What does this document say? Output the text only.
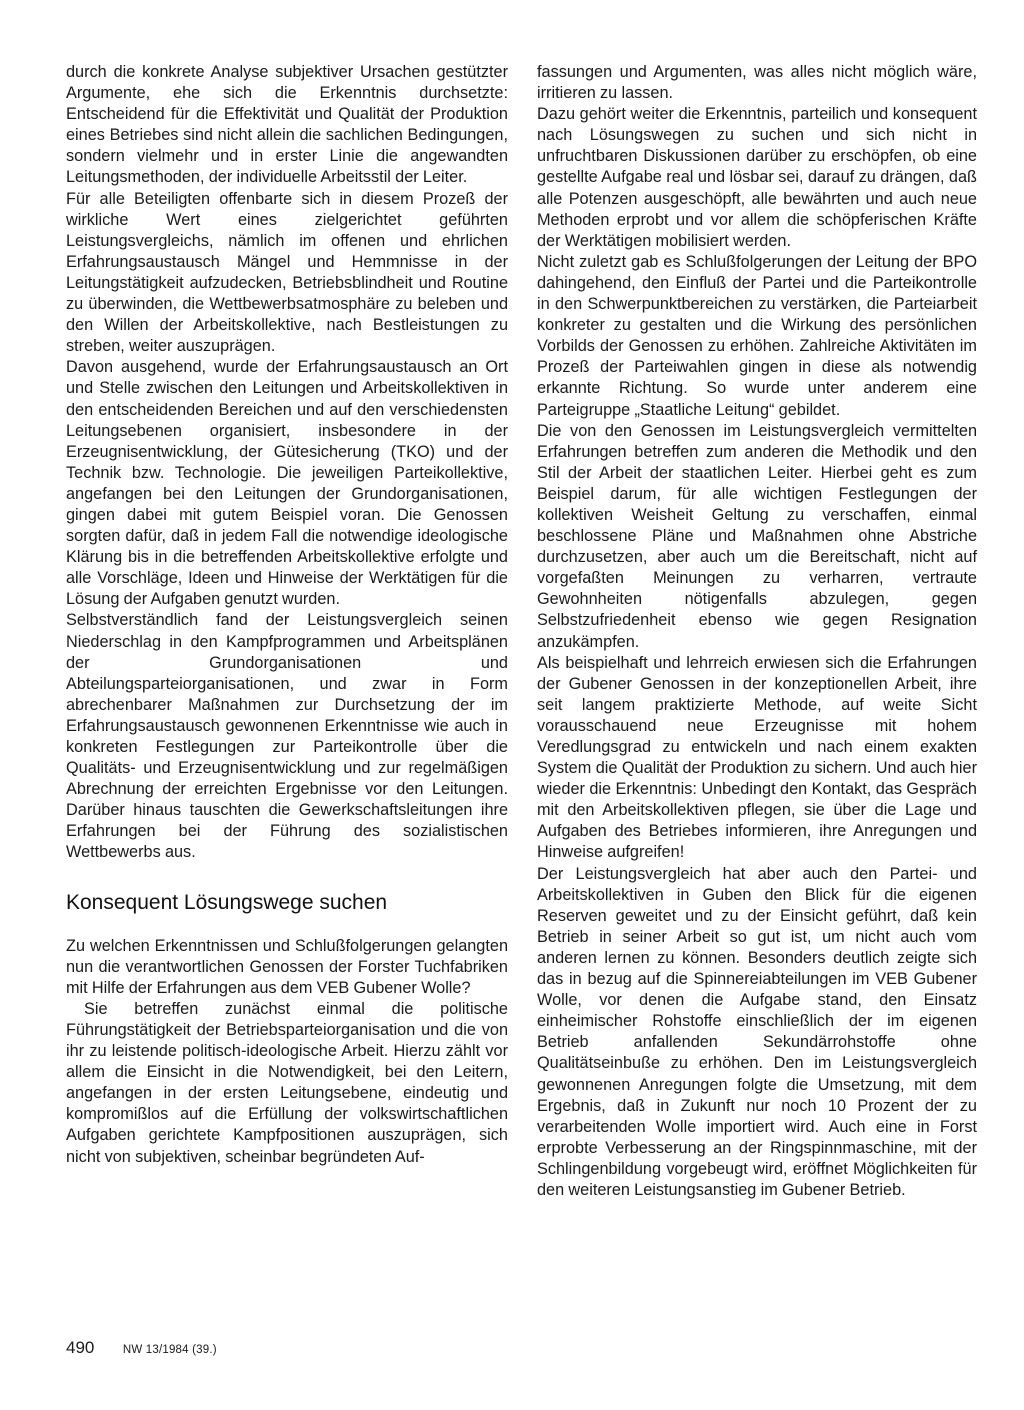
durch die konkrete Analyse subjektiver Ursachen gestützter Argumente, ehe sich die Erkenntnis durchsetzte: Entscheidend für die Effektivität und Qualität der Produktion eines Betriebes sind nicht allein die sachlichen Bedingungen, sondern vielmehr und in erster Linie die angewandten Leitungsmethoden, der individuelle Arbeitsstil der Leiter.

Für alle Beteiligten offenbarte sich in diesem Prozeß der wirkliche Wert eines zielgerichtet geführten Leistungsvergleichs, nämlich im offenen und ehrlichen Erfahrungsaustausch Mängel und Hemmnisse in der Leitungstätigkeit aufzudecken, Betriebsblindheit und Routine zu überwinden, die Wettbewerbsatmosphäre zu beleben und den Willen der Arbeitskollektive, nach Bestleistungen zu streben, weiter auszuprägen.

Davon ausgehend, wurde der Erfahrungsaustausch an Ort und Stelle zwischen den Leitungen und Arbeitskollektiven in den entscheidenden Bereichen und auf den verschiedensten Leitungsebenen organisiert, insbesondere in der Erzeugnisentwicklung, der Gütesicherung (TKO) und der Technik bzw. Technologie. Die jeweiligen Parteikollektive, angefangen bei den Leitungen der Grundorganisationen, gingen dabei mit gutem Beispiel voran. Die Genossen sorgten dafür, daß in jedem Fall die notwendige ideologische Klärung bis in die betreffenden Arbeitskollektive erfolgte und alle Vorschläge, Ideen und Hinweise der Werktätigen für die Lösung der Aufgaben genutzt wurden.

Selbstverständlich fand der Leistungsvergleich seinen Niederschlag in den Kampfprogrammen und Arbeitsplänen der Grundorganisationen und Abteilungsparteiorganisationen, und zwar in Form abrechenbarer Maßnahmen zur Durchsetzung der im Erfahrungsaustausch gewonnenen Erkenntnisse wie auch in konkreten Festlegungen zur Parteikontrolle über die Qualitäts- und Erzeugnisentwicklung und zur regelmäßigen Abrechnung der erreichten Ergebnisse vor den Leitungen. Darüber hinaus tauschten die Gewerkschaftsleitungen ihre Erfahrungen bei der Führung des sozialistischen Wettbewerbs aus.

Konsequent Lösungswege suchen

Zu welchen Erkenntnissen und Schlußfolgerungen gelangten nun die verantwortlichen Genossen der Forster Tuchfabriken mit Hilfe der Erfahrungen aus dem VEB Gubener Wolle?

Sie betreffen zunächst einmal die politische Führungstätigkeit der Betriebsparteiorganisation und die von ihr zu leistende politisch-ideologische Arbeit. Hierzu zählt vor allem die Einsicht in die Notwendigkeit, bei den Leitern, angefangen in der ersten Leitungsebene, eindeutig und kompromißlos auf die Erfüllung der volkswirtschaftlichen Aufgaben gerichtete Kampfpositionen auszuprägen, sich nicht von subjektiven, scheinbar begründeten Auf-

fassungen und Argumenten, was alles nicht möglich wäre, irritieren zu lassen.

Dazu gehört weiter die Erkenntnis, parteilich und konsequent nach Lösungswegen zu suchen und sich nicht in unfruchtbaren Diskussionen darüber zu erschöpfen, ob eine gestellte Aufgabe real und lösbar sei, darauf zu drängen, daß alle Potenzen ausgeschöpft, alle bewährten und auch neue Methoden erprobt und vor allem die schöpferischen Kräfte der Werktätigen mobilisiert werden.

Nicht zuletzt gab es Schlußfolgerungen der Leitung der BPO dahingehend, den Einfluß der Partei und die Parteikontrolle in den Schwerpunktbereichen zu verstärken, die Parteiarbeit konkreter zu gestalten und die Wirkung des persönlichen Vorbilds der Genossen zu erhöhen. Zahlreiche Aktivitäten im Prozeß der Parteiwahlen gingen in diese als notwendig erkannte Richtung. So wurde unter anderem eine Parteigruppe „Staatliche Leitung“ gebildet.

Die von den Genossen im Leistungsvergleich vermittelten Erfahrungen betreffen zum anderen die Methodik und den Stil der Arbeit der staatlichen Leiter. Hierbei geht es zum Beispiel darum, für alle wichtigen Festlegungen der kollektiven Weisheit Geltung zu verschaffen, einmal beschlossene Pläne und Maßnahmen ohne Abstriche durchzusetzen, aber auch um die Bereitschaft, nicht auf vorgefaßten Meinungen zu verharren, vertraute Gewohnheiten nötigenfalls abzulegen, gegen Selbstzufriedenheit ebenso wie gegen Resignation anzukämpfen.

Als beispielhaft und lehrreich erwiesen sich die Erfahrungen der Gubener Genossen in der konzeptionellen Arbeit, ihre seit langem praktizierte Methode, auf weite Sicht vorausschauend neue Erzeugnisse mit hohem Veredlungsgrad zu entwickeln und nach einem exakten System die Qualität der Produktion zu sichern. Und auch hier wieder die Erkenntnis: Unbedingt den Kontakt, das Gespräch mit den Arbeitskollektiven pflegen, sie über die Lage und Aufgaben des Betriebes informieren, ihre Anregungen und Hinweise aufgreifen!

Der Leistungsvergleich hat aber auch den Partei- und Arbeitskollektiven in Guben den Blick für die eigenen Reserven geweitet und zu der Einsicht geführt, daß kein Betrieb in seiner Arbeit so gut ist, um nicht auch vom anderen lernen zu können. Besonders deutlich zeigte sich das in bezug auf die Spinnereiabteilungen im VEB Gubener Wolle, vor denen die Aufgabe stand, den Einsatz einheimischer Rohstoffe einschließlich der im eigenen Betrieb anfallenden Sekundärrohstoffe ohne Qualitätseinbuße zu erhöhen. Den im Leistungsvergleich gewonnenen Anregungen folgte die Umsetzung, mit dem Ergebnis, daß in Zukunft nur noch 10 Prozent der zu verarbeitenden Wolle importiert wird. Auch eine in Forst erprobte Verbesserung an der Ringspinnmaschine, mit der Schlingenbildung vorgebeugt wird, eröffnet Möglichkeiten für den weiteren Leistungsanstieg im Gubener Betrieb.

490 NW 13/1984 (39.)
